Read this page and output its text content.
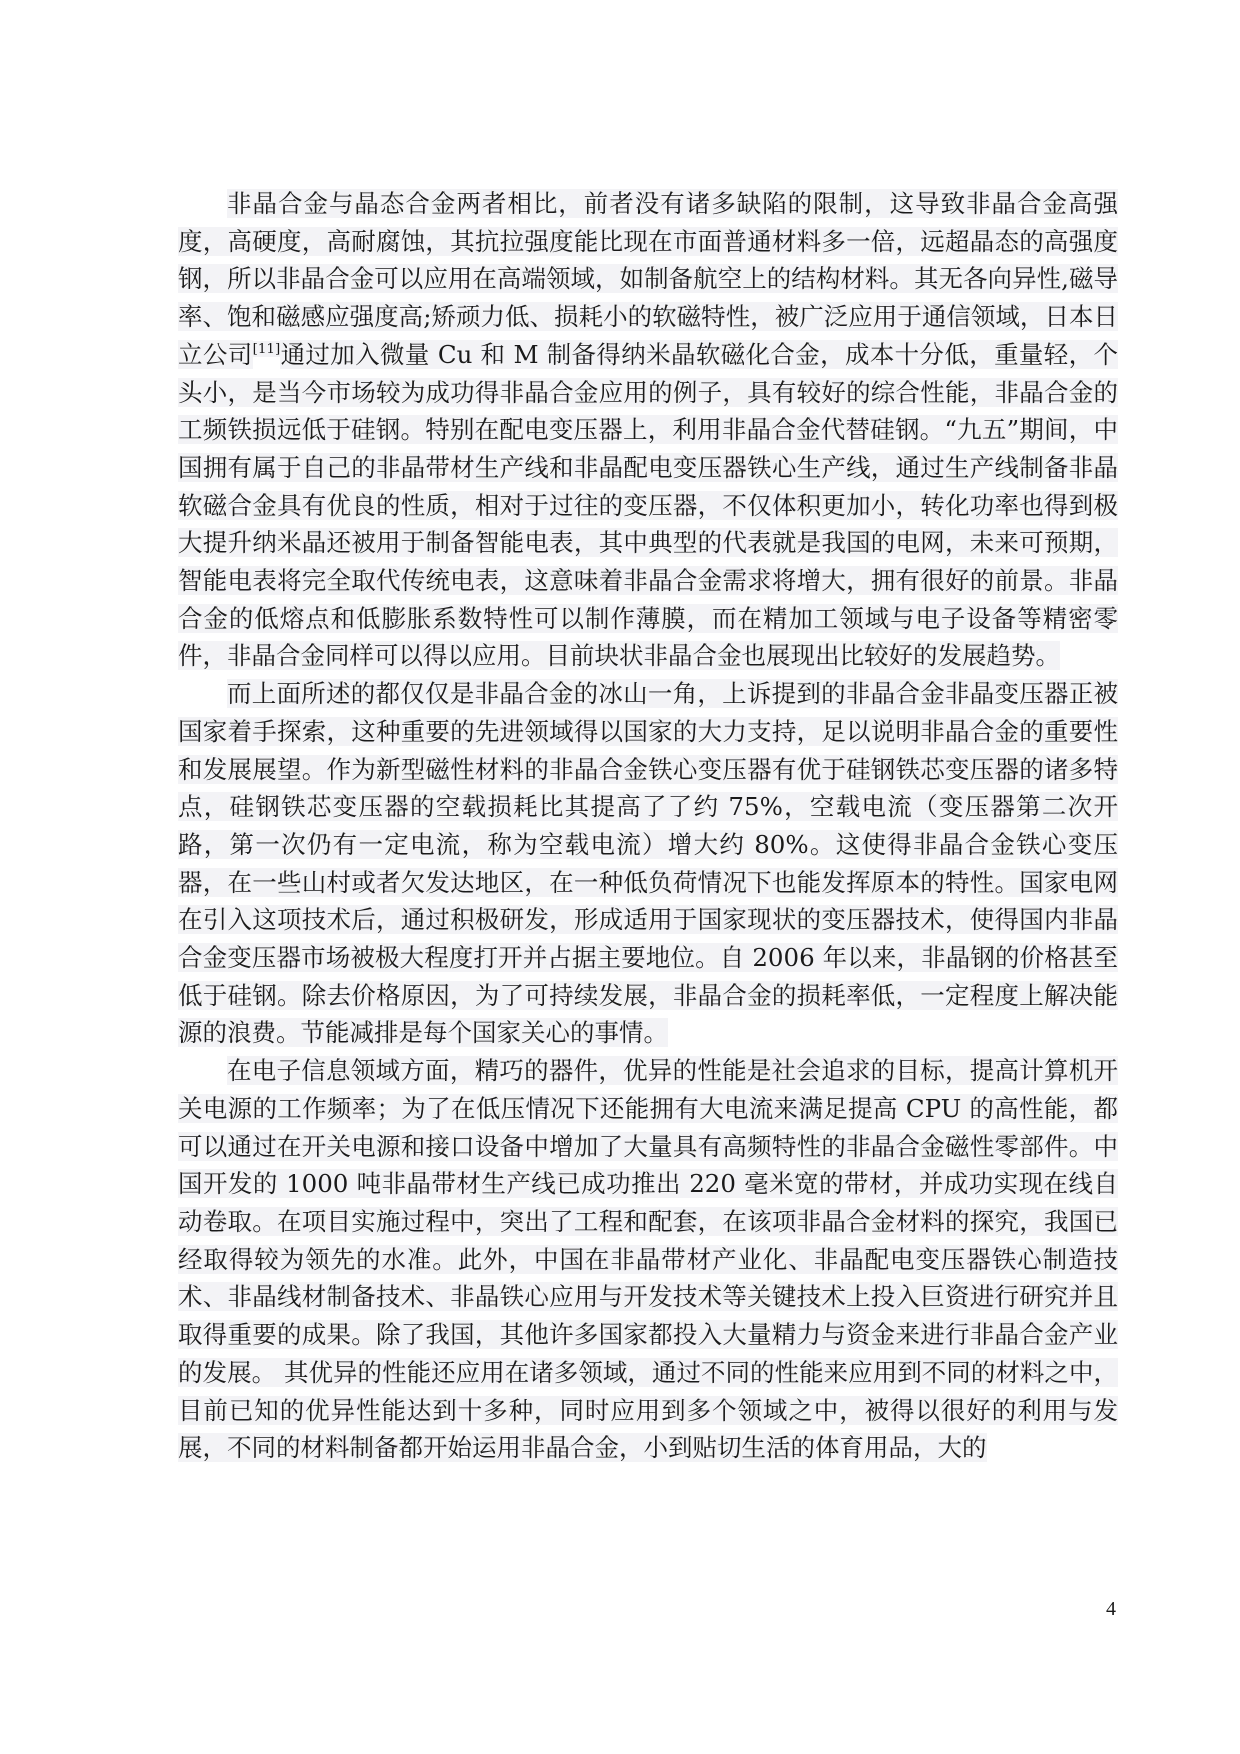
非晶合金与晶态合金两者相比，前者没有诸多缺陷的限制，这导致非晶合金高强度，高硬度，高耐腐蚀，其抗拉强度能比现在市面普通材料多一倍，远超晶态的高强度钢，所以非晶合金可以应用在高端领域，如制备航空上的结构材料。其无各向异性,磁导率、饱和磁感应强度高;矫顽力低、损耗小的软磁特性，被广泛应用于通信领域，日本日立公司[11]通过加入微量 Cu 和 M 制备得纳米晶软磁化合金，成本十分低，重量轻，个头小，是当今市场较为成功得非晶合金应用的例子，具有较好的综合性能，非晶合金的工频铁损远低于硅钢。特别在配电变压器上，利用非晶合金代替硅钢。“九五”期间，中国拥有属于自己的非晶带材生产线和非晶配电变压器铁心生产线，通过生产线制备非晶软磁合金具有优良的性质，相对于过往的变压器，不仅体积更加小，转化功率也得到极大提升纳米晶还被用于制备智能电表，其中典型的代表就是我国的电网，未来可预期，智能电表将完全取代传统电表，这意味着非晶合金需求将增大，拥有很好的前景。非晶合金的低熔点和低膨胀系数特性可以制作薄膜，而在精加工领域与电子设备等精密零件，非晶合金同样可以得以应用。目前块状非晶合金也展现出比较好的发展趋势。

而上面所述的都仅仅是非晶合金的冰山一角，上诉提到的非晶合金非晶变压器正被国家着手探索，这种重要的先进领域得以国家的大力支持，足以说明非晶合金的重要性和发展展望。作为新型磁性材料的非晶合金铁心变压器有优于硅钢铁芯变压器的诸多特点，硅钢铁芯变压器的空载损耗比其提高了了约 75%，空载电流（变压器第二次开路，第一次仍有一定电流，称为空载电流）增大约 80%。这使得非晶合金铁心变压器，在一些山村或者欠发达地区，在一种低负荷情况下也能发挥原本的特性。国家电网在引入这项技术后，通过积极研发，形成适用于国家现状的变压器技术，使得国内非晶合金变压器市场被极大程度打开并占据主要地位。自 2006 年以来，非晶钢的价格甚至低于硅钢。除去价格原因，为了可持续发展，非晶合金的损耗率低，一定程度上解决能源的浪费。节能减排是每个国家关心的事情。

在电子信息领域方面，精巧的器件，优异的性能是社会追求的目标，提高计算机开关电源的工作频率；为了在低压情况下还能拥有大电流来满足提高 CPU 的高性能，都可以通过在开关电源和接口设备中增加了大量具有高频特性的非晶合金磁性零部件。中国开发的 1000 吨非晶带材生产线已成功推出 220 毫米宽的带材，并成功实现在线自动卷取。在项目实施过程中，突出了工程和配套，在该项非晶合金材料的探究，我国已经取得较为领先的水准。此外，中国在非晶带材产业化、非晶配电变压器铁心制造技术、非晶线材制备技术、非晶铁心应用与开发技术等关键技术上投入巨资进行研究并且取得重要的成果。除了我国，其他许多国家都投入大量精力与资金来进行非晶合金产业的发展。 其优异的性能还应用在诸多领域，通过不同的性能来应用到不同的材料之中，目前已知的优异性能达到十多种，同时应用到多个领域之中，被得以很好的利用与发展，不同的材料制备都开始运用非晶合金，小到贴切生活的体育用品，大的

4
